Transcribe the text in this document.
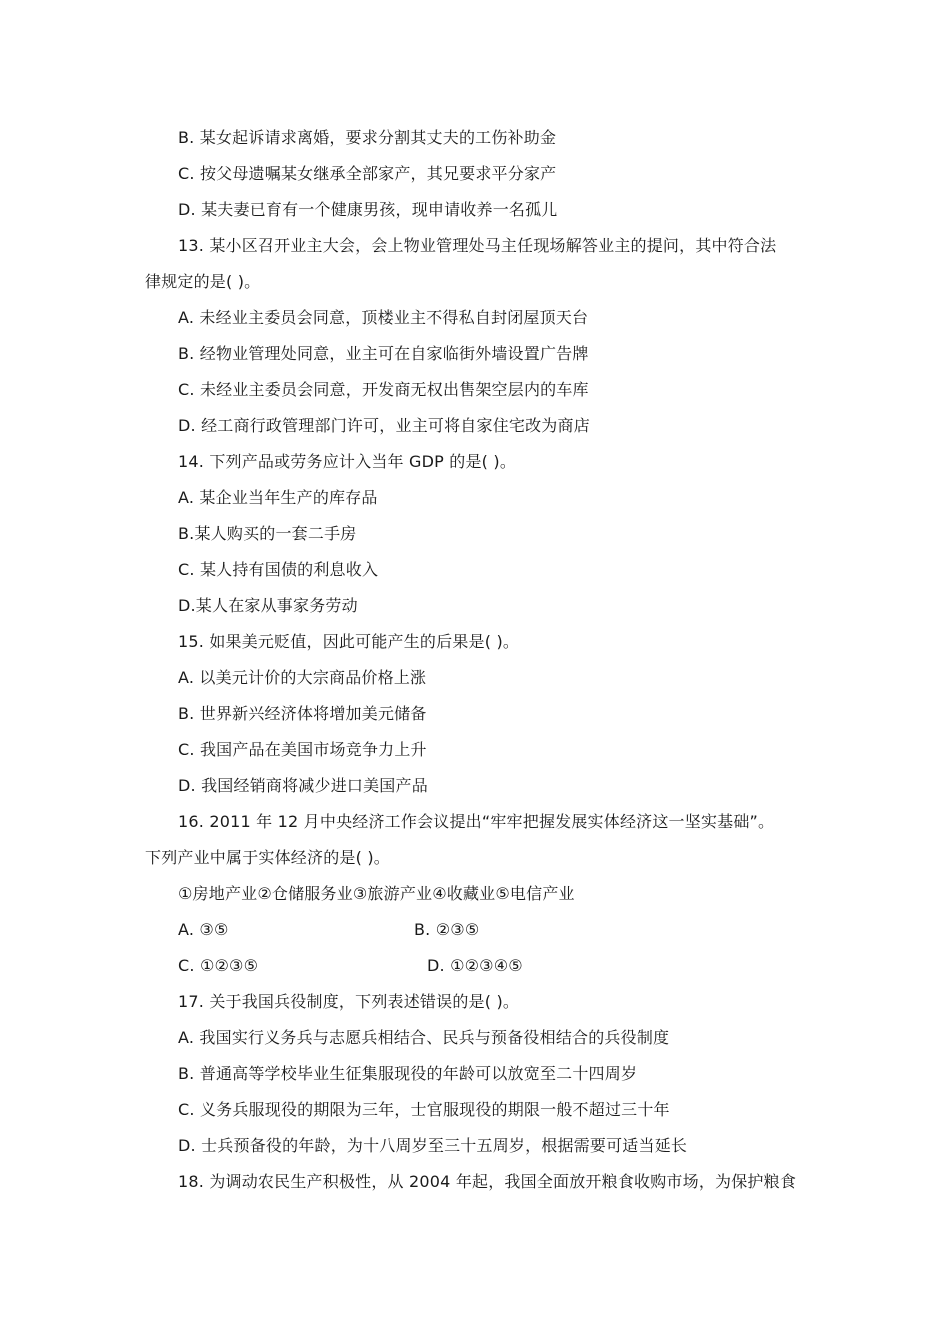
B. 某女起诉请求离婚，要求分割其丈夫的工伤补助金
C. 按父母遗嘱某女继承全部家产，其兄要求平分家产
D. 某夫妻已育有一个健康男孩，现申请收养一名孤儿
13. 某小区召开业主大会，会上物业管理处马主任现场解答业主的提问，其中符合法
律规定的是( )。
A. 未经业主委员会同意，顶楼业主不得私自封闭屋顶天台
B. 经物业管理处同意，业主可在自家临街外墙设置广告牌
C. 未经业主委员会同意，开发商无权出售架空层内的车库
D. 经工商行政管理部门许可，业主可将自家住宅改为商店
14. 下列产品或劳务应计入当年 GDP 的是( )。
A. 某企业当年生产的库存品
B.某人购买的一套二手房
C. 某人持有国债的利息收入
D.某人在家从事家务劳动
15. 如果美元贬值，因此可能产生的后果是( )。
A. 以美元计价的大宗商品价格上涨
B. 世界新兴经济体将增加美元储备
C. 我国产品在美国市场竞争力上升
D. 我国经销商将减少进口美国产品
16. 2011 年 12 月中央经济工作会议提出“牢牢把握发展实体经济这一坚实基础”。
下列产业中属于实体经济的是( )。
①房地产业②仓储服务业③旅游产业④收藏业⑤电信产业
A. ③⑤	B. ②③⑤
C. ①②③⑤	D. ①②③④⑤
17. 关于我国兵役制度，下列表述错误的是( )。
A. 我国实行义务兵与志愿兵相结合、民兵与预备役相结合的兵役制度
B. 普通高等学校毕业生征集服现役的年龄可以放宽至二十四周岁
C. 义务兵服现役的期限为三年，士官服现役的期限一般不超过三十年
D. 士兵预备役的年龄，为十八周岁至三十五周岁，根据需要可适当延长
18. 为调动农民生产积极性，从 2004 年起，我国全面放开粮食收购市场，为保护粮食
